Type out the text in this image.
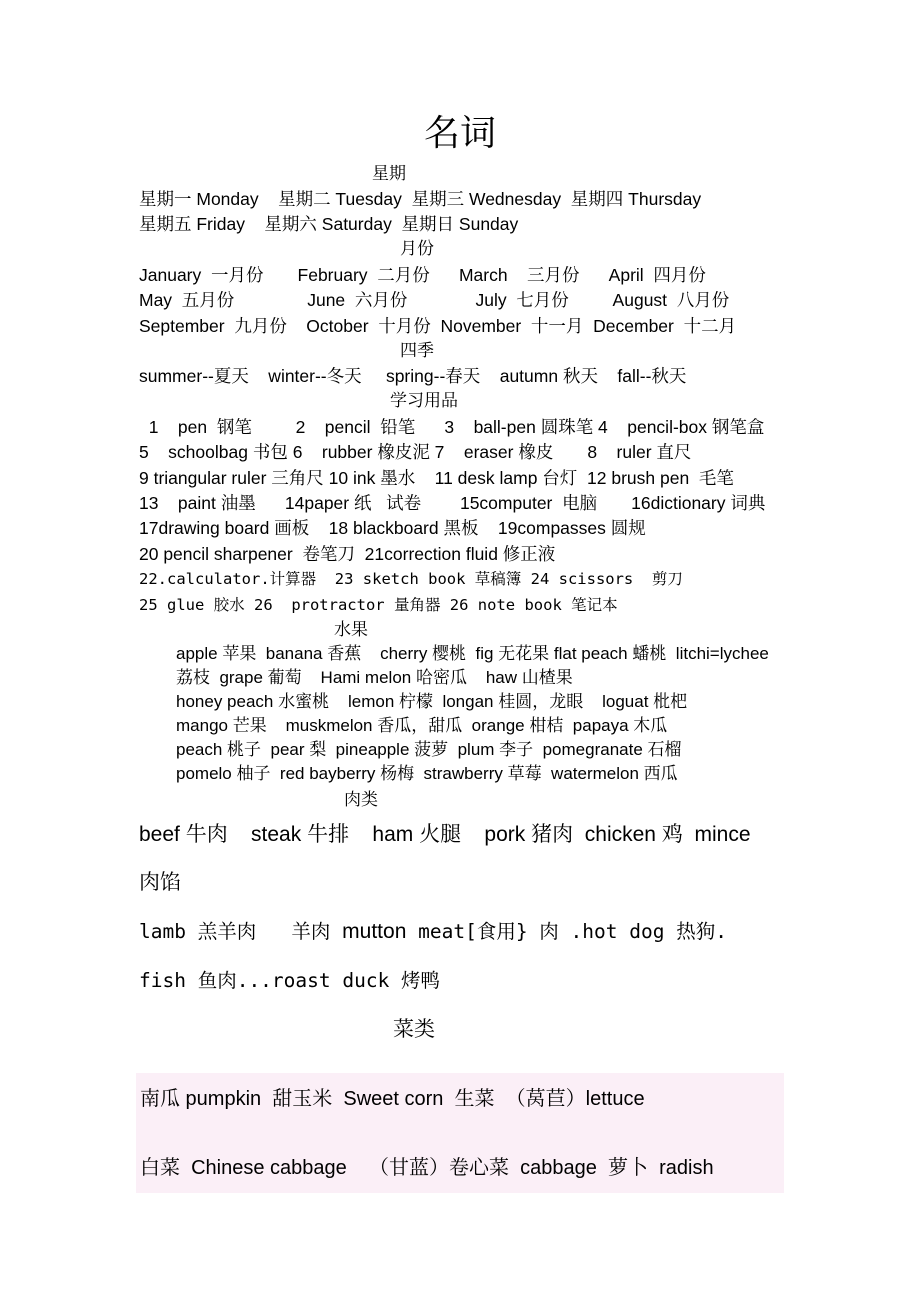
名词
星期
星期一 Monday    星期二 Tuesday  星期三 Wednesday  星期四 Thursday
星期五 Friday    星期六 Saturday  星期日 Sunday
月份
January  一月份       February  二月份      March    三月份      April  四月份
May  五月份               June  六月份              July  七月份         August  八月份
September  九月份    October  十月份  November  十一月  December  十二月
四季
summer--夏天    winter--冬天     spring--春天    autumn 秋天    fall--秋天
学习用品
1    pen  钢笔         2    pencil  铅笔      3    ball-pen 圆珠笔 4    pencil-box 钢笔盒
5    schoolbag 书包 6    rubber 橡皮泥 7    eraser 橡皮       8    ruler 直尺
9 triangular ruler 三角尺 10 ink 墨水    11 desk lamp 台灯  12 brush pen  毛笔
13    paint 油墨      14paper 纸   试卷        15computer  电脑       16dictionary 词典
17drawing board 画板    18 blackboard 黑板    19compasses 圆规
20 pencil sharpener  卷笔刀  21correction fluid 修正液
22.calculator.计算器  23 sketch book 草稿簿 24 scissors  剪刀
25 glue 胶水 26  protractor 量角器 26 note book 笔记本
水果
apple 苹果  banana 香蕉    cherry 樱桃  fig 无花果 flat peach 蟠桃  litchi=lychee
荔枝  grape 葡萄    Hami melon 哈密瓜    haw 山楂果
honey peach 水蜜桃    lemon 柠檬  longan 桂圆，龙眼    loguat 枇杷
mango 芒果    muskmelon 香瓜，甜瓜  orange 柑桔  papaya 木瓜
peach 桃子  pear 梨  pineapple 菠萝  plum 李子  pomegranate 石榴
pomelo 柚子  red bayberry 杨梅  strawberry 草莓  watermelon 西瓜
肉类
beef 牛肉    steak 牛排    ham 火腿    pork 猪肉  chicken 鸡  mince
肉馅
lamb 羔羊肉   羊肉 mutton meat[食用} 肉 .hot dog 热狗.
fish 鱼肉...roast duck 烤鸭
菜类
南瓜 pumpkin  甜玉米  Sweet corn  生菜  （莴苣）lettuce
白菜  Chinese cabbage    （甘蓝）卷心菜  cabbage  萝卜  radish
